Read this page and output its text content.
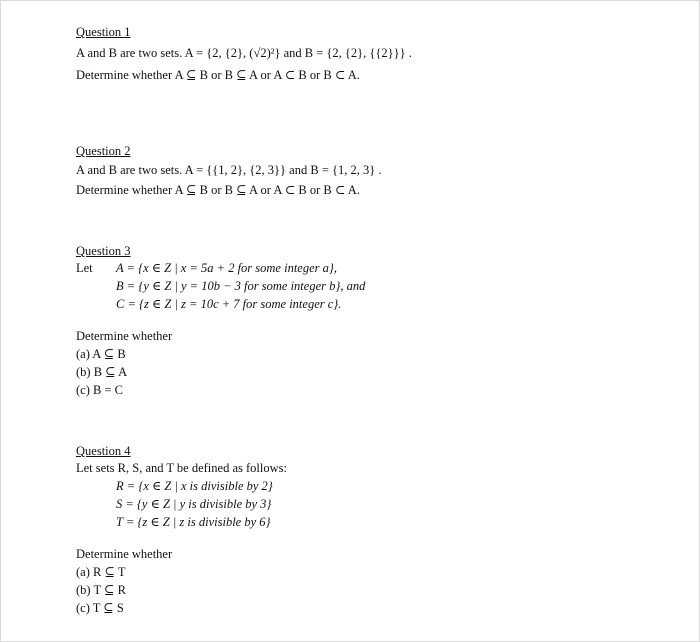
Question 1
A and B are two sets. A = {2, {2}, (√2)²} and B = {2, {2}, {{2}}} .
Determine whether A ⊆ B or B ⊆ A or A ⊂ B or B ⊂ A.
Question 2
A and B are two sets. A = {{1, 2}, {2, 3}} and B = {1, 2, 3} .
Determine whether A ⊆ B or B ⊆ A or A ⊂ B or B ⊂ A.
Question 3
Let	A = {x ∈ Z | x = 5a + 2 for some integer a},
B = {y ∈ Z | y = 10b − 3 for some integer b}, and
C = {z ∈ Z | z = 10c + 7 for some integer c}.
Determine whether
(a) A ⊆ B
(b) B ⊆ A
(c) B = C
Question 4
Let sets R, S, and T be defined as follows:
R = {x ∈ Z | x is divisible by 2}
S = {y ∈ Z | y is divisible by 3}
T = {z ∈ Z | z is divisible by 6}
Determine whether
(a) R ⊆ T
(b) T ⊆ R
(c) T ⊆ S
